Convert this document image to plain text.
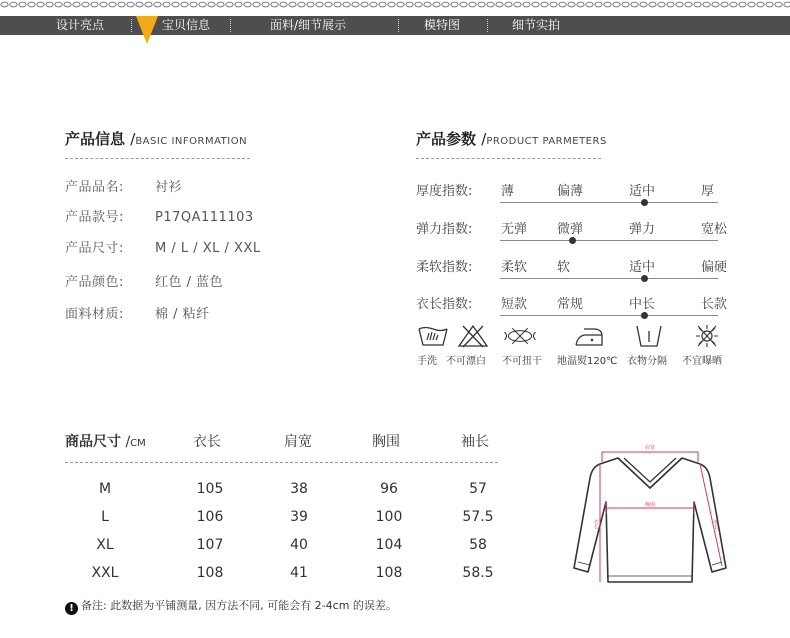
设计亮点	宝贝信息	面料/细节展示	模特图	细节实拍
产品信息 /BASIC INFORMATION
产品品名: 衬衫
产品款号: P17QA111103
产品尺寸: M / L / XL / XXL
产品颜色: 红色 / 蓝色
面料材质: 棉 / 粘纤
产品参数 /PRODUCT PARMETERS
厚度指数: 薄	偏薄	适中	厚
弹力指数: 无弹 微弹	弹力	宽松
柔软指数: 柔软 软	适中	偏硬
衣长指数: 短款 常规	中长	长款
手洗 不可漂白 不可扭干 地温熨120℃ 衣物分隔 不宜曝晒
商品尺寸 /CM	衣长	肩宽	胸围	袖长
M	105	38	96	57
L	106	39	100	57.5
XL	107	40	104	58
XXL	108	41	108	58.5
肩宽
胸围
衣长	袖长
! 备注: 此数据为平铺测量, 因方法不同, 可能会有 2-4cm 的误差。
